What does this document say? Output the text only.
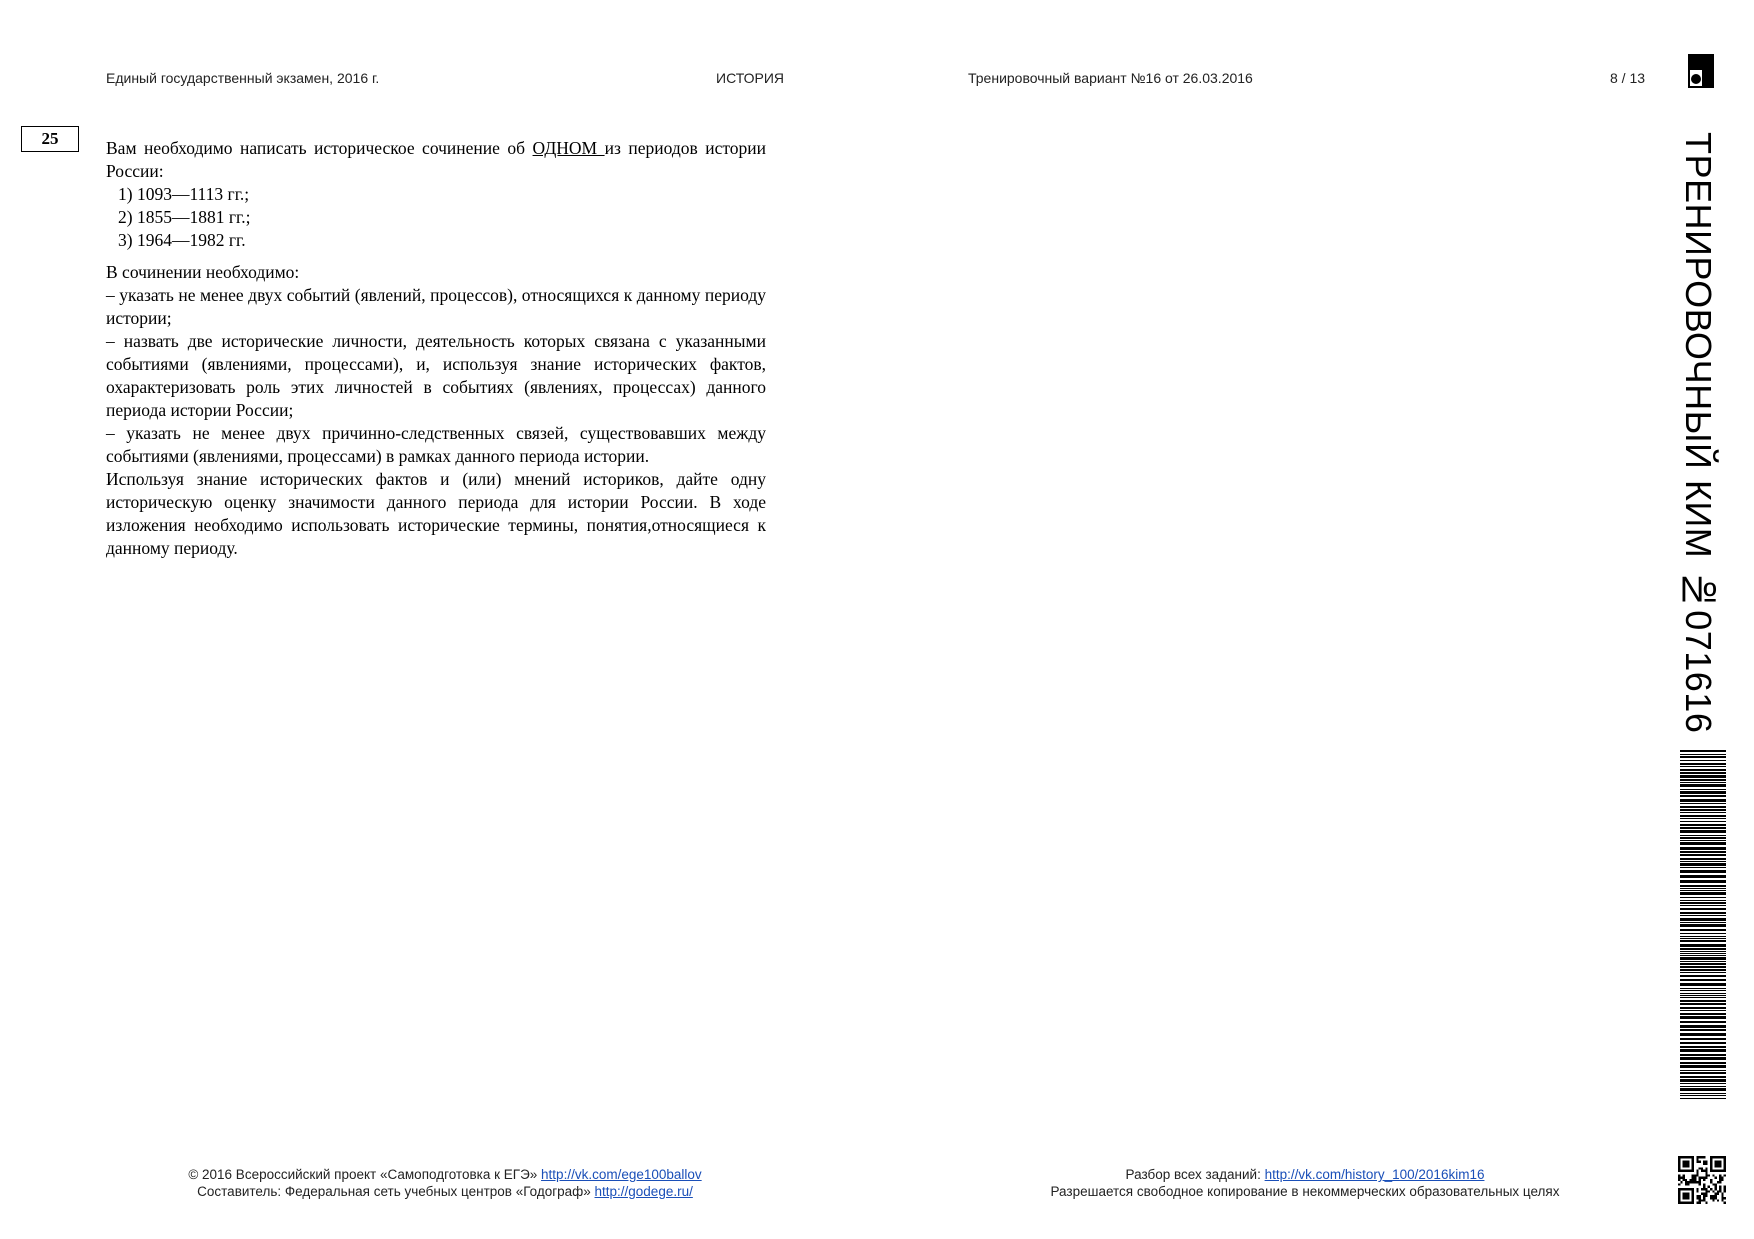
Единый государственный экзамен, 2016 г.	ИСТОРИЯ	Тренировочный вариант №16 от 26.03.2016	8 / 13
25	Вам необходимо написать историческое сочинение об ОДНОМ из периодов истории России:

1) 1093—1113 гг.;
2) 1855—1881 гг.;
3) 1964—1982 гг.

В сочинении необходимо:

– указать не менее двух событий (явлений, процессов), относящихся к данному периоду истории;

– назвать две исторические личности, деятельность которых связана с указанными событиями (явлениями, процессами), и, используя знание исторических фактов, охарактеризовать роль этих личностей в событиях (явлениях, процессах) данного периода истории России;

– указать не менее двух причинно-следственных связей, существовавших между событиями (явлениями, процессами) в рамках данного периода истории.

Используя знание исторических фактов и (или) мнений историков, дайте одну историческую оценку значимости данного периода для истории России. В ходе изложения необходимо использовать исторические термины, понятия,относящиеся к данному периоду.	ТРЕНИРОВОЧНЫЙ КИМ №071616
© 2016 Всероссийский проект «Самоподготовка к ЕГЭ» http://vk.com/ege100ballov
Составитель: Федеральная сеть учебных центров «Годограф» http://godege.ru/
Разбор всех заданий: http://vk.com/history_100/2016kim16
Разрешается свободное копирование в некоммерческих образовательных целях
